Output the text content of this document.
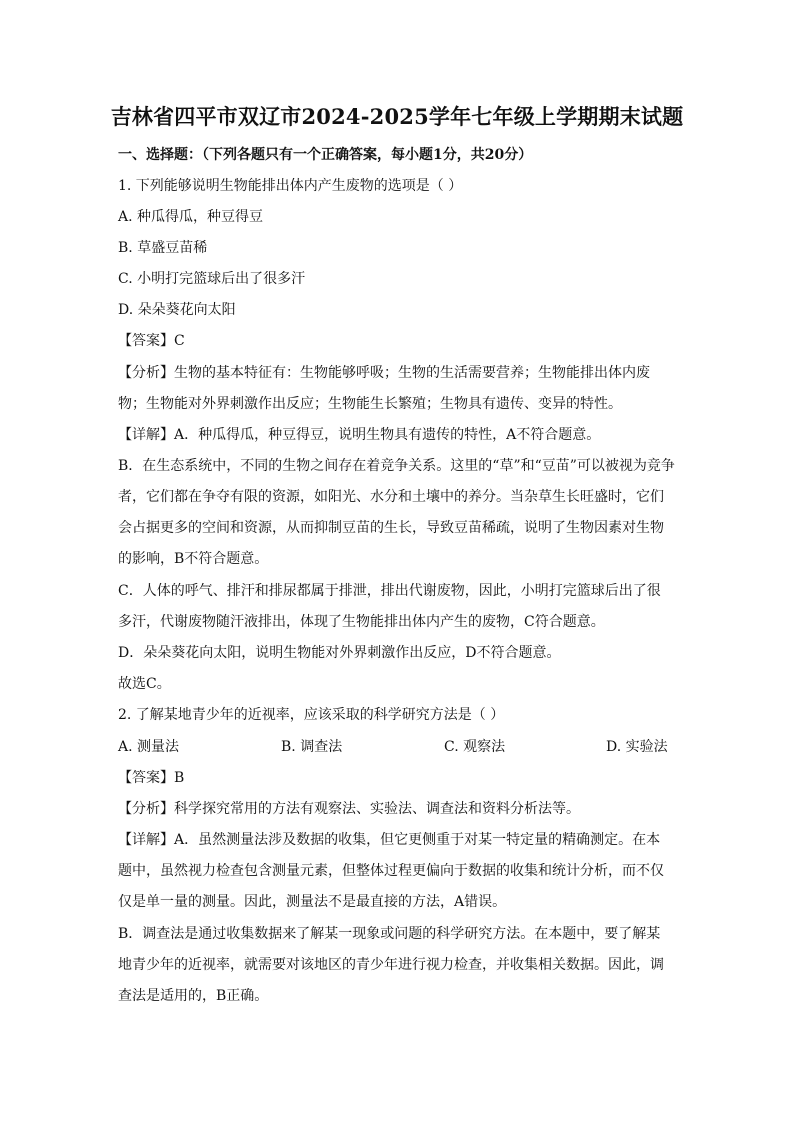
吉林省四平市双辽市2024-2025学年七年级上学期期末试题
一、选择题：（下列各题只有一个正确答案，每小题1分，共20分）
1. 下列能够说明生物能排出体内产生废物的选项是（ ）
A. 种瓜得瓜，种豆得豆
B. 草盛豆苗稀
C. 小明打完篮球后出了很多汗
D. 朵朵葵花向太阳
【答案】C
【分析】生物的基本特征有：生物能够呼吸；生物的生活需要营养；生物能排出体内废
物；生物能对外界刺激作出反应；生物能生长繁殖；生物具有遗传、变异的特性。
【详解】A．种瓜得瓜，种豆得豆，说明生物具有遗传的特性，A不符合题意。
B．在生态系统中，不同的生物之间存在着竞争关系。这里的“草”和“豆苗”可以被视为竞争
者，它们都在争夺有限的资源，如阳光、水分和土壤中的养分。当杂草生长旺盛时，它们
会占据更多的空间和资源，从而抑制豆苗的生长，导致豆苗稀疏，说明了生物因素对生物
的影响，B不符合题意。
C．人体的呼气、排汗和排尿都属于排泄，排出代谢废物，因此，小明打完篮球后出了很
多汗，代谢废物随汗液排出，体现了生物能排出体内产生的废物，C符合题意。
D．朵朵葵花向太阳，说明生物能对外界刺激作出反应，D不符合题意。
故选C。
2. 了解某地青少年的近视率，应该采取的科学研究方法是（ ）
A. 测量法	B. 调查法	C. 观察法	D. 实验法
【答案】B
【分析】科学探究常用的方法有观察法、实验法、调查法和资料分析法等。
【详解】A．虽然测量法涉及数据的收集，但它更侧重于对某一特定量的精确测定。在本
题中，虽然视力检查包含测量元素，但整体过程更偏向于数据的收集和统计分析，而不仅
仅是单一量的测量。因此，测量法不是最直接的方法，A错误。
B．调查法是通过收集数据来了解某一现象或问题的科学研究方法。在本题中，要了解某
地青少年的近视率，就需要对该地区的青少年进行视力检查，并收集相关数据。因此，调
查法是适用的，B正确。
